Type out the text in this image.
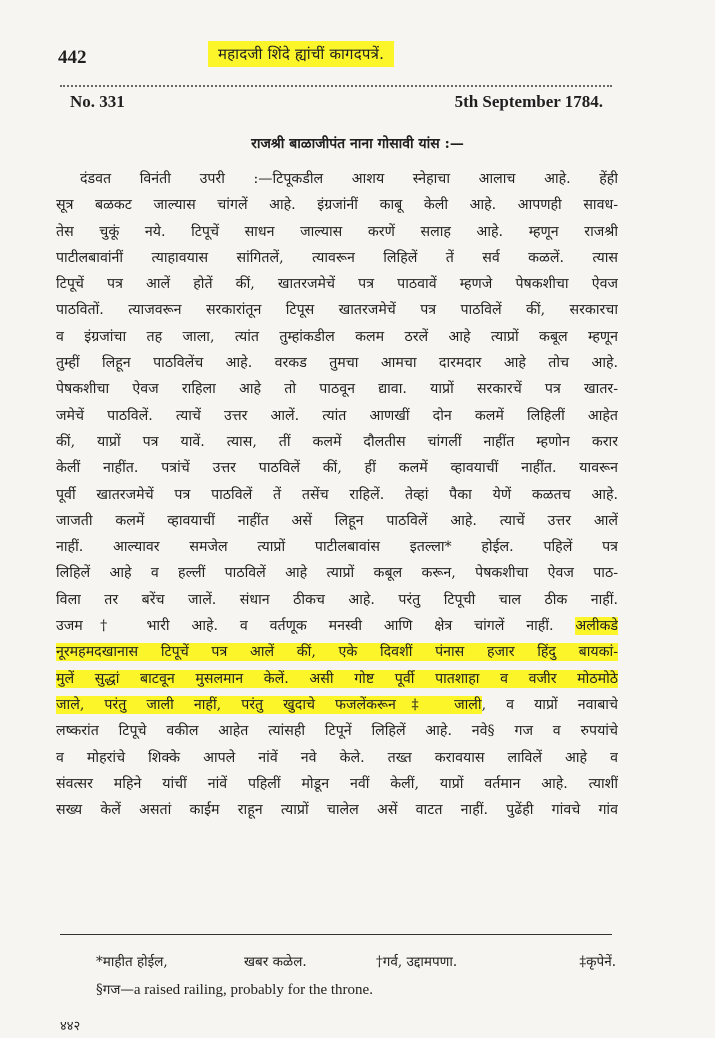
442	महादजी शिंदे ह्यांचीं कागदपत्रें.
No. 331	5th September 1784.
राजश्री बाळाजीपंत नाना गोसावी यांस :—
दंडवत विनंती उपरी :—टिपूकडील आशय स्नेहाचा आलाच आहे. हेंही
सूत्र बळकट जाल्यास चांगलें आहे. इंग्रजांनीं काबू केली आहे. आपणही सावध-
तेस चुकूं नये. टिपूचें साधन जाल्यास करणें सलाह आहे. म्हणून राजश्री
पाटीलबावांनीं त्याहावयास सांगितलें, त्यावरून लिहिलें तें सर्व कळलें. त्यास
टिपूचें पत्र आलें होतें कीं, खातरजमेचें पत्र पाठवावें म्हणजे पेषकशीचा ऐवज
पाठवितों. त्याजवरून सरकारांतून टिपूस खातरजमेचें पत्र पाठविलें कीं, सरकारचा
व इंग्रजांचा तह जाला, त्यांत तुम्हांकडील कलम ठरलें आहे त्याप्रों कबूल म्हणून
तुम्हीं लिहून पाठविलेंच आहे. वरकड तुमचा आमचा दारमदार आहे तोच आहे.
पेषकशीचा ऐवज राहिला आहे तो पाठवून द्यावा. याप्रों सरकारचें पत्र खातर-
जमेचें पाठविलें. त्याचें उत्तर आलें. त्यांत आणखीं दोन कलमें लिहिलीं आहेत
कीं, याप्रों पत्र यावें. त्यास, तीं कलमें दौलतीस चांगलीं नाहींत म्हणोन करार
केलीं नाहींत. पत्रांचें उत्तर पाठविलें कीं, हीं कलमें व्हावयाचीं नाहींत. यावरून
पूर्वी खातरजमेचें पत्र पाठविलें तें तसेंच राहिलें. तेव्हां पैका येणें कळतच आहे.
जाजती कलमें व्हावयाचीं नाहींत असें लिहून पाठविलें आहे. त्याचें उत्तर आलें
नाहीं. आल्यावर समजेल त्याप्रों पाटीलबावांस इतल्ला* होईल. पहिलें पत्र
लिहिलें आहे व हल्लीं पाठविलें आहे त्याप्रों कबूल करून, पेषकशीचा ऐवज पाठ-
विला तर बरेंच जालें. संधान ठीकच आहे. परंतु टिपूची चाल ठीक नाहीं.
उजम† भारी आहे. व वर्तणूक मनस्वी आणि क्षेत्र चांगलें नाहीं. अलीकडे
नूरमहमदखानास टिपूचें पत्र आलें कीं, एके दिवशीं पंनास हजार हिंदु बायकां-
मुलें सुद्धां बाटवून मुसलमान केलें. असी गोष्ट पूर्वी पातशाहा व वजीर मोठमोठे
जाले, परंतु जाली नाहीं, परंतु खुदाचे फजलेंकरून‡ जाली, व याप्रों नवाबाचे
लष्करांत टिपूचे वकील आहेत त्यांसही टिपूनें लिहिलें आहे. नवे§ गज व रुपयांचे
व मोहरांचे शिक्के आपले नांवें नवे केले. तख्त करावयास लाविलें आहे व
संवत्सर महिने यांचीं नांवें पहिलीं मोडून नवीं केलीं, याप्रों वर्तमान आहे. त्याशीं
सख्य केलें असतां काईम राहून त्याप्रों चालेल असें वाटत नाहीं. पुढेंही गांवचे गांव
*माहीत होईल,	खबर कळेल.	†गर्व, उद्दामपणा.	‡कृपेनें.
§गज— a raised railing, probably for the throne.
४४२
